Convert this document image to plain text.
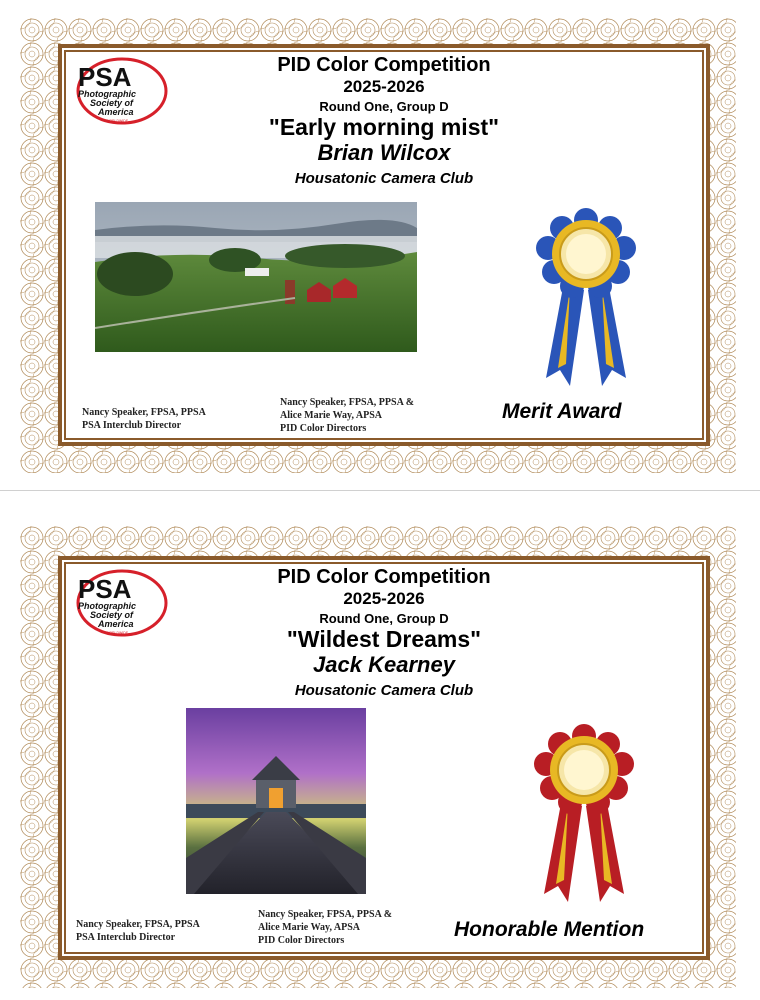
PSA
Photographic
Society of
America
WORLDWIDE
PID Color Competition
2025-2026
Round One, Group D
"Early morning mist"
Brian Wilcox
Housatonic Camera Club
Merit Award
Nancy Speaker, FPSA, PPSA
PSA Interclub Director
Nancy Speaker, FPSA, PPSA &
Alice Marie Way, APSA
PID Color Directors
PSA
Photographic
Society of
America
WORLDWIDE
PID Color Competition
2025-2026
Round One, Group D
"Wildest Dreams"
Jack Kearney
Housatonic Camera Club
Honorable Mention
Nancy Speaker, FPSA, PPSA
PSA Interclub Director
Nancy Speaker, FPSA, PPSA &
Alice Marie Way, APSA
PID Color Directors
